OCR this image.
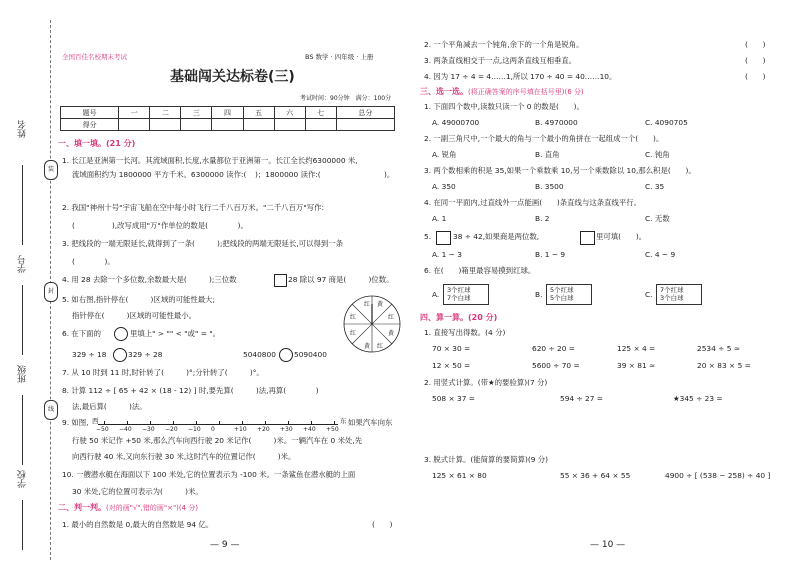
姓名
学号
班级
学校
装
封
线
全国百佳名校期末考试	BS 数学 · 四年级 · 上册
基础闯关达标卷(三)
考试时间：90分钟　满分：100分
题号	一	二	三	四	五	六	七	总分
得分								
一、填一填。(21 分)
1. 长江是亚洲第一长河。其流域面积,长度,水量都位于亚洲第一。长江全长约6300000 米,
流域面积约为 1800000 平方千米。6300000 读作:( )；1800000 读作:(	)。
2. 我国"神州十号"宇宙飞船在空中每小时飞行二千八百万米。"二千八百万"写作:
(　　　　　),改写成用"万"作单位的数是(　　　　)。
3. 把线段的一端无限延长,就得到了一条(　　　);把线段的两端无限延长,可以得到一条
(　　　　)。
4. 用 28 去除一个多位数,余数最大是(　　　);三位数	28 除以 97 商是(　　　)位数。
5. 如右图,指针停在(　　　)区域的可能性最大;
指针停在(　　　)区域的可能性最小。
6. 在下面的	里填上" > "" < "或" = "。
329 ÷ 18	329 ÷ 28	5040800 5090400
红 黄
红
黄
红
黄
红
红
7. 从 10 时到 11 时,时针转了(　　　)°;分针转了(　　　)°。
8. 计算 112 ÷ [ 65 + 42 × (18 - 12) ] 时,要先算(　　　)法,再算(　　　　)
法,最后算(　　　)法。
9. 如图, 西
−50 −40 −30 −20 −10 0	+10 +20 +30 +40 +50
东 如果汽车向东
行驶 50 米记作 +50 米,那么汽车向西行驶 20 米记作(　　　)米。一辆汽车在 0 米处,先
向西行驶 40 米,又向东行驶 30 米,这时汽车的位置记作(　　　)米。
10. 一艘潜水艇在海面以下 100 米处,它的位置表示为 -100 米。一条鲨鱼在潜水艇的上面
30 米处,它的位置可表示为(　　　)米。
二、判一判。(对的画"√",错的画"×")(4 分)
1. 最小的自然数是 0,最大的自然数是 94 亿。	(　　)
— 9 —
2. 一个平角减去一个钝角,余下的一个角是锐角。	(　　)
3. 两条直线相交于一点,这两条直线互相垂直。	(　　)
4. 因为 17 ÷ 4 = 4……1,所以 170 ÷ 40 = 40……10。	(　　)
三、选一选。(将正确答案的序号填在括号里)(6 分)
1. 下面四个数中,读数只读一个 0 的数是(　　)。
A. 49000700	B. 4970000	C. 4090705
2. 一副三角尺中,一个最大的角与一个最小的角拼在一起组成一个(　　)。
A. 锐角	B. 直角	C. 钝角
3. 两个数相乘的积是 35,如果一个乘数乘 10,另一个乘数除以 10,那么积是(　　)。
A. 350	B. 3500	C. 35
4. 在同一平面内,过直线外一点能画(　　)条直线与这条直线平行。
A. 1	B. 2	C. 无数
5.	38 ÷ 42,如果商是两位数,	里可填(　　)。
A. 1 ~ 3	B. 1 ~ 9	C. 4 ~ 9
6. 在(　　)箱里最容易摸到红球。
A. 3个红球
7个白球	B. 5个红球
5个白球	C. 7个红球
3个白球
四、算一算。(20 分)
1. 直接写出得数。(4 分)
70 × 30 =	620 ÷ 20 =	125 × 4 =	2534 ÷ 5 ≈
12 × 50 =	5600 ÷ 70 =	39 × 81 ≈	20 × 83 × 5 =
2. 用竖式计算。(带★的要验算)(7 分)
508 × 37 =	594 ÷ 27 =	★345 ÷ 23 =
3. 脱式计算。(能简算的要简算)(9 分)
125 × 61 × 80	55 × 36 + 64 × 55	4900 ÷ [ (538 − 258) ÷ 40 ]
— 10 —
